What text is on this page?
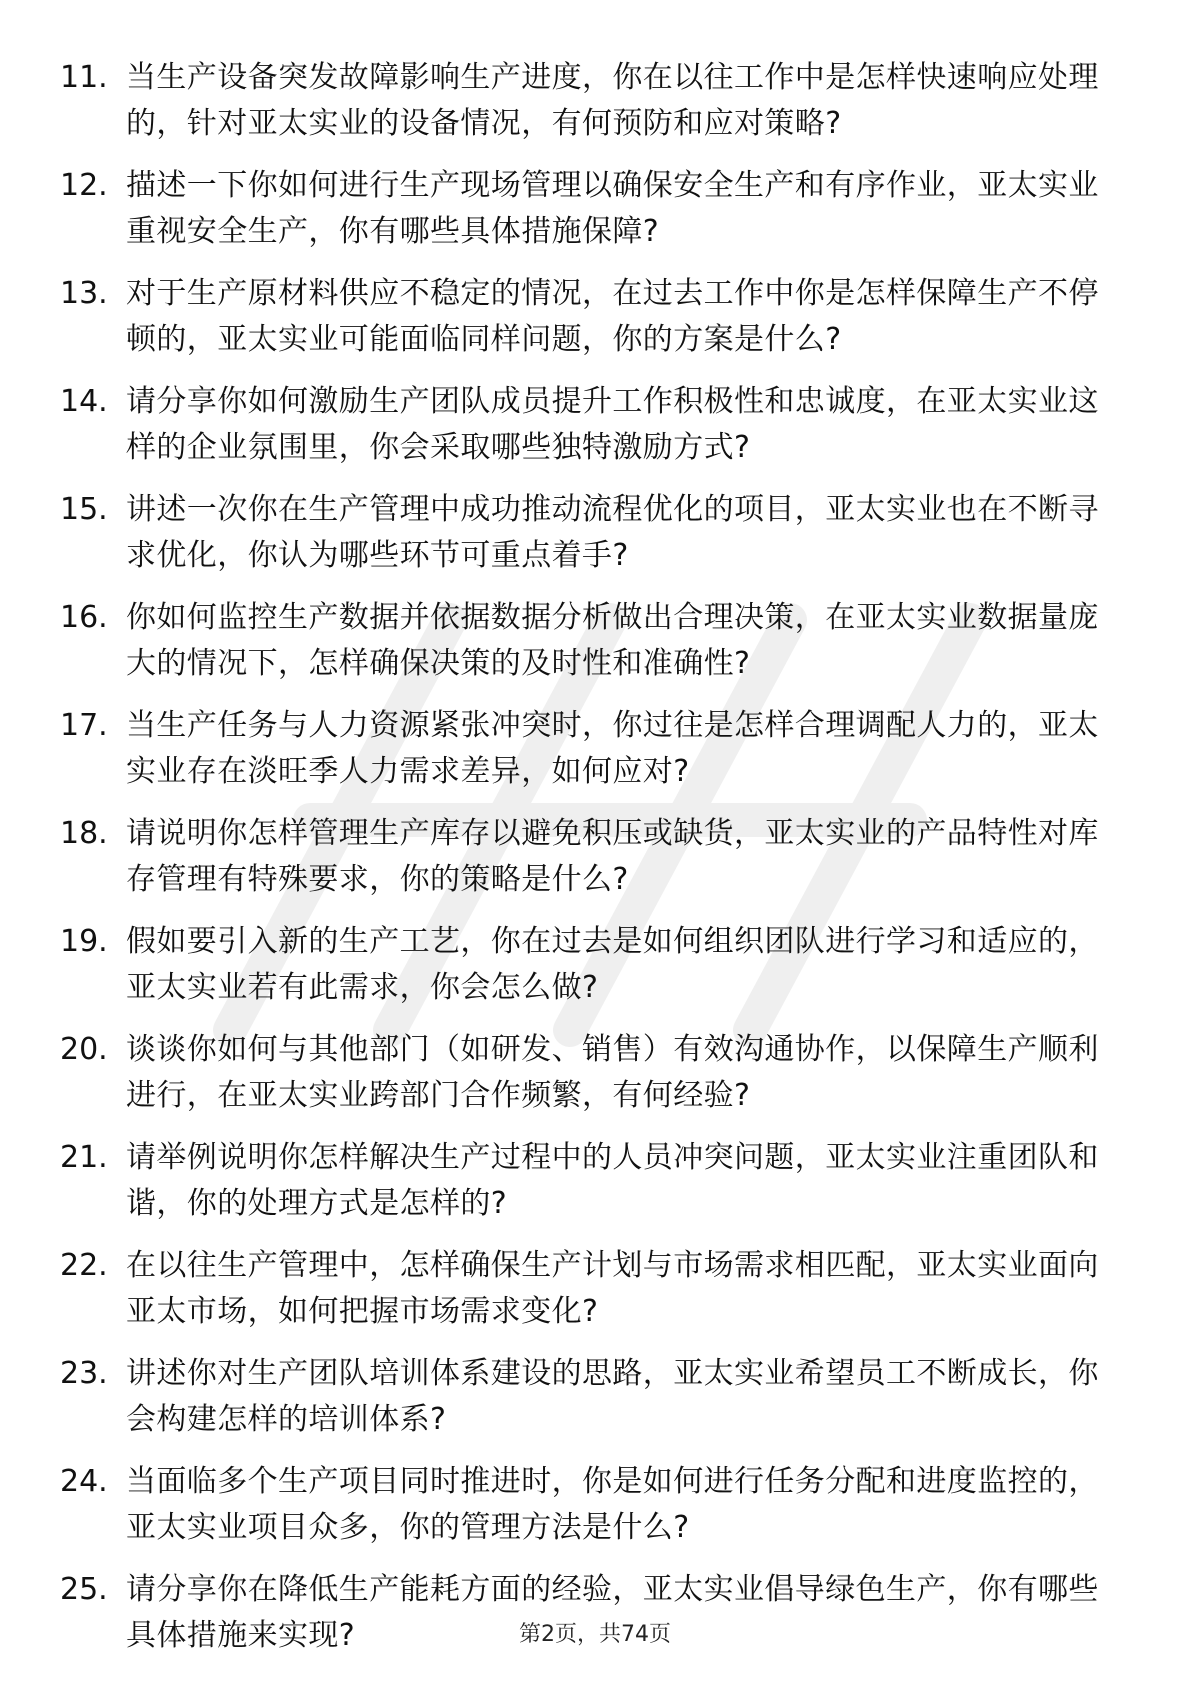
11. 当生产设备突发故障影响生产进度，你在以往工作中是怎样快速响应处理的，针对亚太实业的设备情况，有何预防和应对策略?
12. 描述一下你如何进行生产现场管理以确保安全生产和有序作业，亚太实业重视安全生产，你有哪些具体措施保障?
13. 对于生产原材料供应不稳定的情况，在过去工作中你是怎样保障生产不停顿的，亚太实业可能面临同样问题，你的方案是什么?
14. 请分享你如何激励生产团队成员提升工作积极性和忠诚度，在亚太实业这样的企业氛围里，你会采取哪些独特激励方式?
15. 讲述一次你在生产管理中成功推动流程优化的项目，亚太实业也在不断寻求优化，你认为哪些环节可重点着手?
16. 你如何监控生产数据并依据数据分析做出合理决策，在亚太实业数据量庞大的情况下，怎样确保决策的及时性和准确性?
17. 当生产任务与人力资源紧张冲突时，你过往是怎样合理调配人力的，亚太实业存在淡旺季人力需求差异，如何应对?
18. 请说明你怎样管理生产库存以避免积压或缺货，亚太实业的产品特性对库存管理有特殊要求，你的策略是什么?
19. 假如要引入新的生产工艺，你在过去是如何组织团队进行学习和适应的，亚太实业若有此需求，你会怎么做?
20. 谈谈你如何与其他部门（如研发、销售）有效沟通协作，以保障生产顺利进行，在亚太实业跨部门合作频繁，有何经验?
21. 请举例说明你怎样解决生产过程中的人员冲突问题，亚太实业注重团队和谐，你的处理方式是怎样的?
22. 在以往生产管理中，怎样确保生产计划与市场需求相匹配，亚太实业面向亚太市场，如何把握市场需求变化?
23. 讲述你对生产团队培训体系建设的思路，亚太实业希望员工不断成长，你会构建怎样的培训体系?
24. 当面临多个生产项目同时推进时，你是如何进行任务分配和进度监控的，亚太实业项目众多，你的管理方法是什么?
25. 请分享你在降低生产能耗方面的经验，亚太实业倡导绿色生产，你有哪些具体措施来实现?	第2页，共74页
